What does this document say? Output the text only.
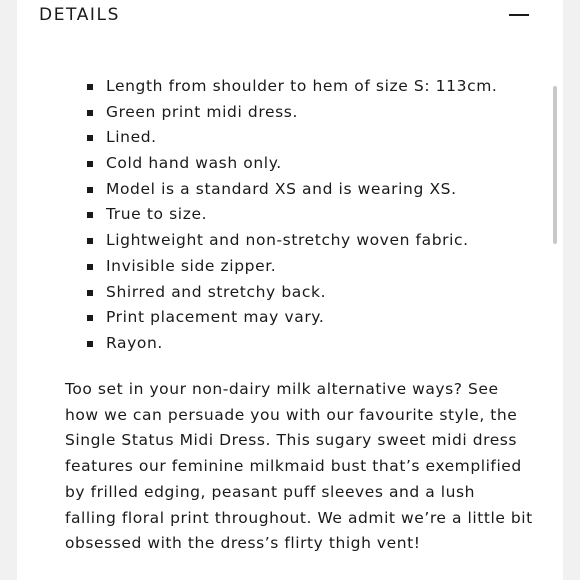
DETAILS
Length from shoulder to hem of size S: 113cm.
Green print midi dress.
Lined.
Cold hand wash only.
Model is a standard XS and is wearing XS.
True to size.
Lightweight and non-stretchy woven fabric.
Invisible side zipper.
Shirred and stretchy back.
Print placement may vary.
Rayon.

Too set in your non-dairy milk alternative ways? See
how we can persuade you with our favourite style, the
Single Status Midi Dress. This sugary sweet midi dress
features our feminine milkmaid bust that’s exemplified
by frilled edging, peasant puff sleeves and a lush
falling floral print throughout. We admit we’re a little bit
obsessed with the dress’s flirty thigh vent!
